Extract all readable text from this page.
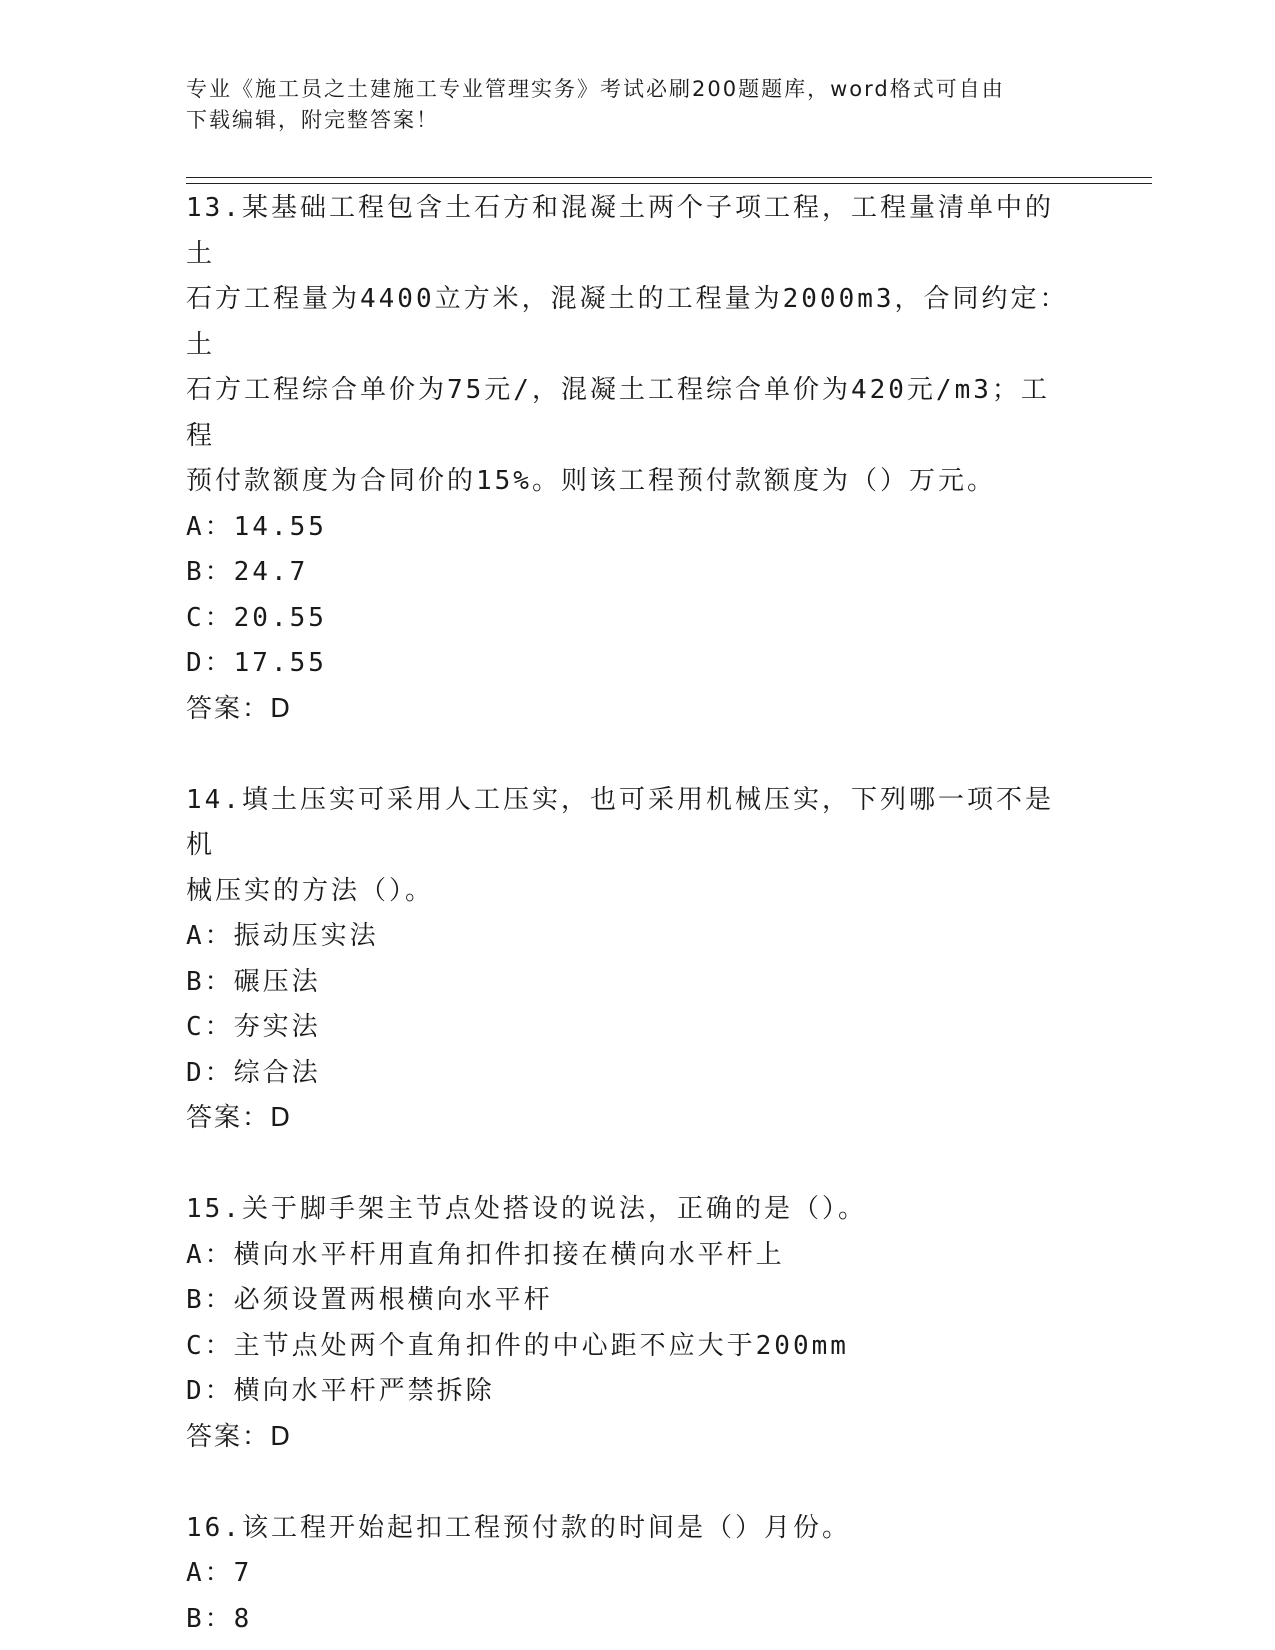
专业《施工员之土建施工专业管理实务》考试必刷200题题库，word格式可自由
下载编辑，附完整答案！
13.某基础工程包含土石方和混凝土两个子项工程，工程量清单中的土
石方工程量为4400立方米，混凝土的工程量为2000m3，合同约定：土
石方工程综合单价为75元/，混凝土工程综合单价为420元/m3；工程
预付款额度为合同价的15%。则该工程预付款额度为（）万元。
A：14.55
B：24.7
C：20.55
D：17.55
答案：D
14.填土压实可采用人工压实，也可采用机械压实，下列哪一项不是机
械压实的方法（）。
A：振动压实法
B：碾压法
C：夯实法
D：综合法
答案：D
15.关于脚手架主节点处搭设的说法，正确的是（）。
A：横向水平杆用直角扣件扣接在横向水平杆上
B：必须设置两根横向水平杆
C：主节点处两个直角扣件的中心距不应大于200mm
D：横向水平杆严禁拆除
答案：D
16.该工程开始起扣工程预付款的时间是（）月份。
A：7
B：8
